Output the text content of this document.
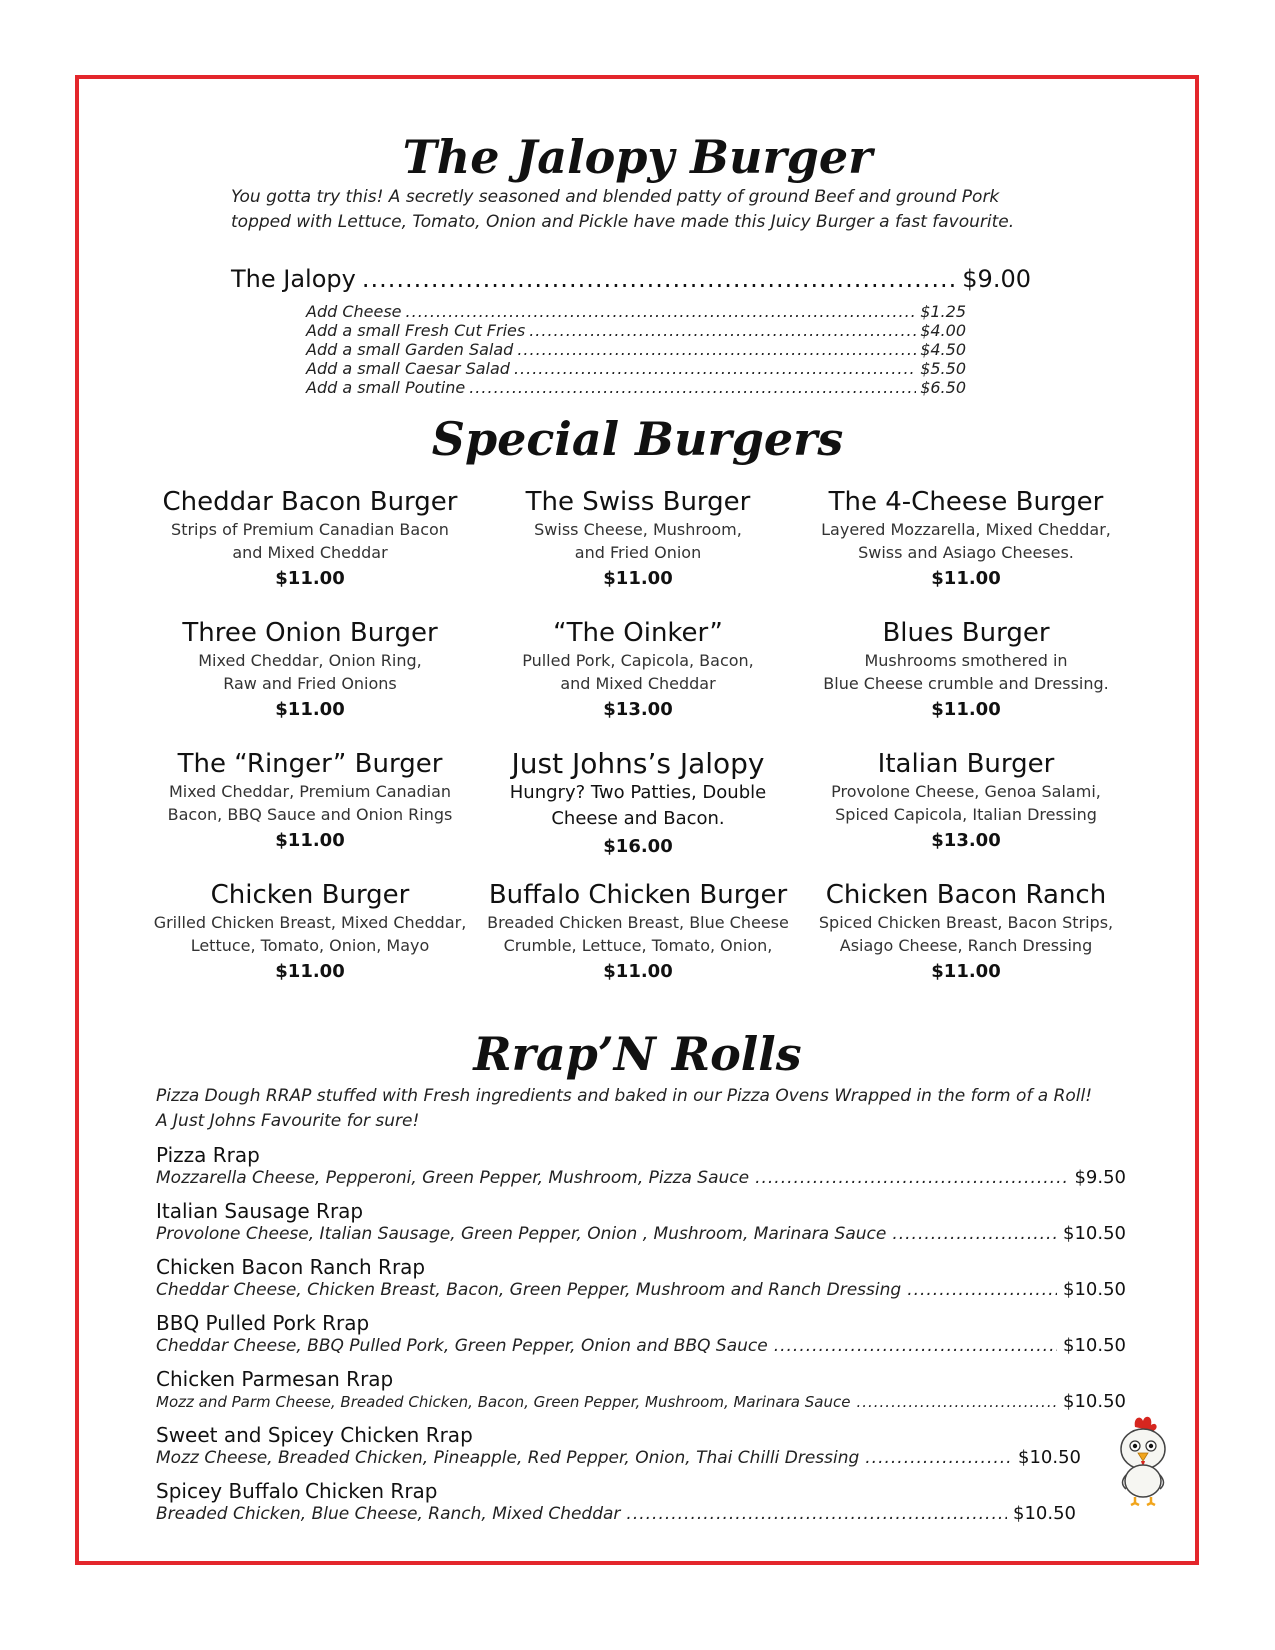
The Jalopy Burger
You gotta try this! A secretly seasoned and blended patty of ground Beef and ground Pork
topped with Lettuce, Tomato, Onion and Pickle have made this Juicy Burger a fast favourite.
The Jalopy .....	$9.00
Add Cheese .....	$1.25
Add a small Fresh Cut Fries .....	$4.00
Add a small Garden Salad .....	$4.50
Add a small Caesar Salad .....	$5.50
Add a small Poutine .....	$6.50
Special Burgers
Cheddar Bacon Burger
Strips of Premium Canadian Bacon
and Mixed Cheddar
$11.00
The Swiss Burger
Swiss Cheese, Mushroom,
and Fried Onion
$11.00
The 4-Cheese Burger
Layered Mozzarella, Mixed Cheddar,
Swiss and Asiago Cheeses.
$11.00
Three Onion Burger
Mixed Cheddar, Onion Ring,
Raw and Fried Onions
$11.00
“The Oinker”
Pulled Pork, Capicola, Bacon,
and Mixed Cheddar
$13.00
Blues Burger
Mushrooms smothered in
Blue Cheese crumble and Dressing.
$11.00
The “Ringer” Burger
Mixed Cheddar, Premium Canadian
Bacon, BBQ Sauce and Onion Rings
$11.00
Just Johns’s Jalopy
Hungry? Two Patties, Double
Cheese and Bacon.
$16.00
Italian Burger
Provolone Cheese, Genoa Salami,
Spiced Capicola, Italian Dressing
$13.00
Chicken Burger
Grilled Chicken Breast, Mixed Cheddar,
Lettuce, Tomato, Onion, Mayo
$11.00
Buffalo Chicken Burger
Breaded Chicken Breast, Blue Cheese
Crumble, Lettuce, Tomato, Onion,
$11.00
Chicken Bacon Ranch
Spiced Chicken Breast, Bacon Strips,
Asiago Cheese, Ranch Dressing
$11.00
Rrap’N Rolls
Pizza Dough RRAP stuffed with Fresh ingredients and baked in our Pizza Ovens Wrapped in the form of a Roll!
A Just Johns Favourite for sure!
Pizza Rrap
Mozzarella Cheese, Pepperoni, Green Pepper, Mushroom, Pizza Sauce .....	$9.50
Italian Sausage Rrap
Provolone Cheese, Italian Sausage, Green Pepper, Onion , Mushroom, Marinara Sauce .....	$10.50
Chicken Bacon Ranch Rrap
Cheddar Cheese, Chicken Breast, Bacon, Green Pepper, Mushroom and Ranch Dressing .....	$10.50
BBQ Pulled Pork Rrap
Cheddar Cheese, BBQ Pulled Pork, Green Pepper, Onion and BBQ Sauce .....	$10.50
Chicken Parmesan Rrap
Mozz and Parm Cheese, Breaded Chicken, Bacon, Green Pepper, Mushroom, Marinara Sauce .....	$10.50
Sweet and Spicey Chicken Rrap
Mozz Cheese, Breaded Chicken, Pineapple, Red Pepper, Onion, Thai Chilli Dressing .....	$10.50
Spicey Buffalo Chicken Rrap
Breaded Chicken, Blue Cheese, Ranch, Mixed Cheddar .....	$10.50
